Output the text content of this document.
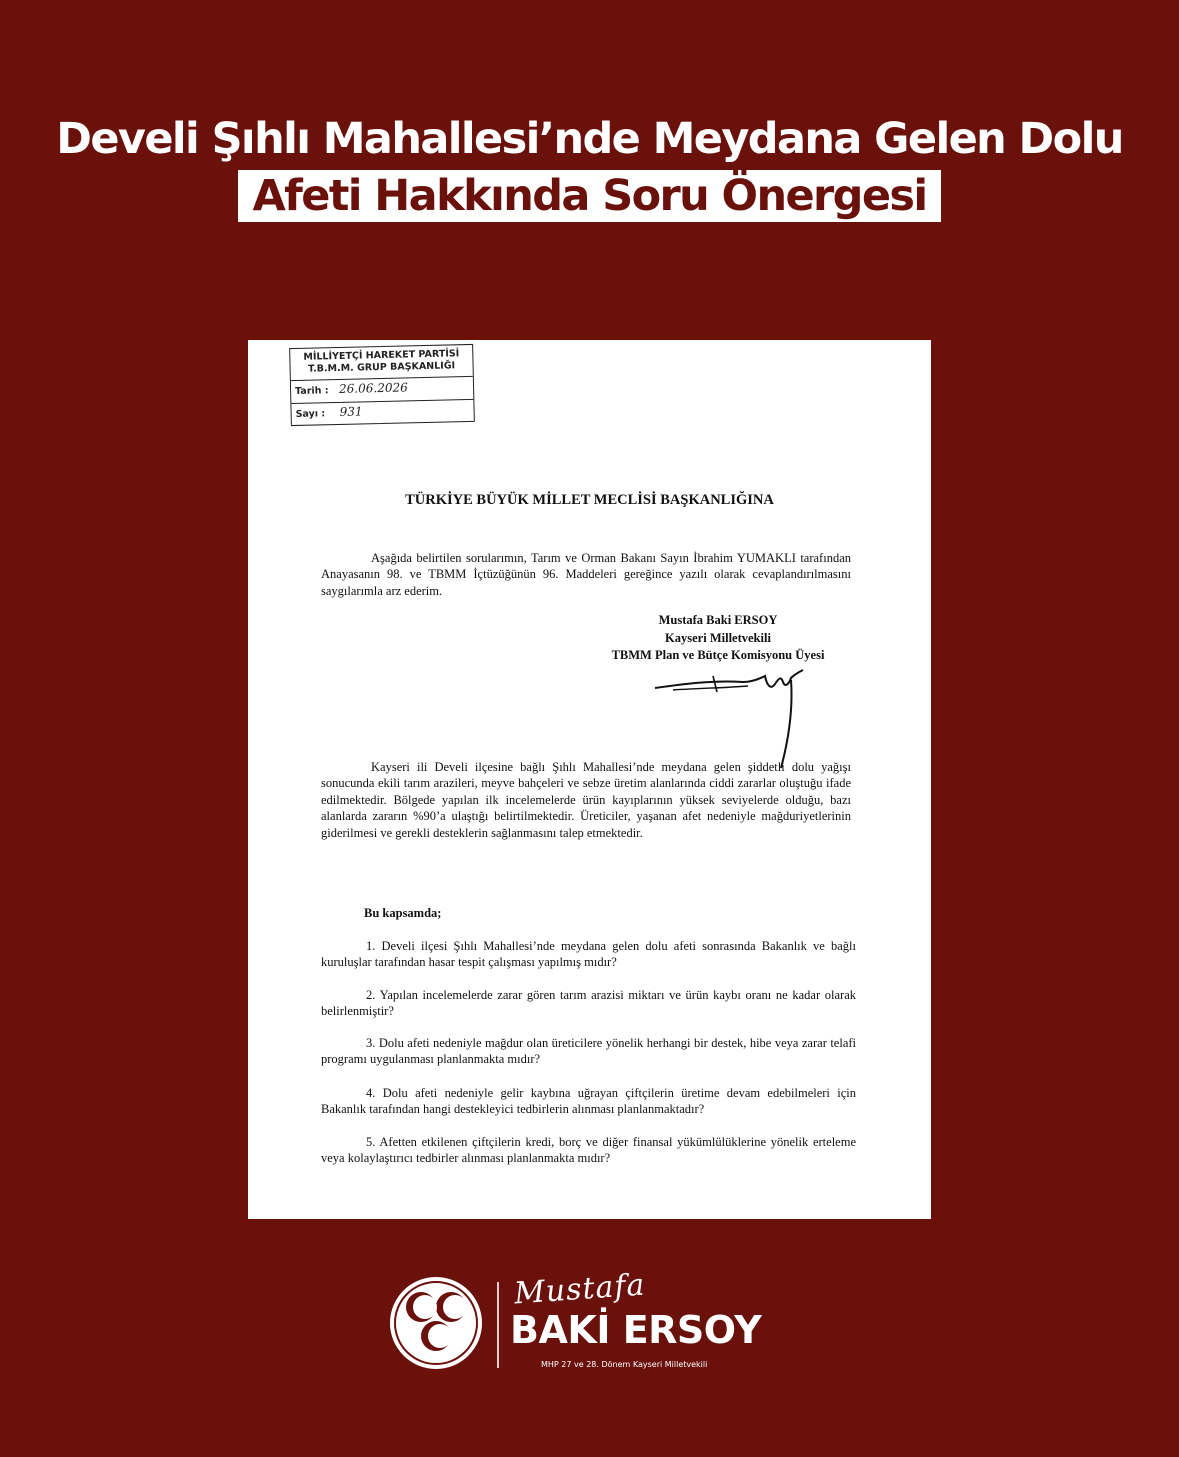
Develi Şıhlı Mahallesi’nde Meydana Gelen Dolu
Afeti Hakkında Soru Önergesi
MİLLİYETÇİ HAREKET PARTİSİ
T.B.M.M. GRUP BAŞKANLIĞI
Tarih : 26.06.2026
Sayı : 931
TÜRKİYE BÜYÜK MİLLET MECLİSİ BAŞKANLIĞINA
Aşağıda belirtilen sorularımın, Tarım ve Orman Bakanı Sayın İbrahim YUMAKLI tarafından Anayasanın 98. ve TBMM İçtüzüğünün 96. Maddeleri gereğince yazılı olarak cevaplandırılmasını saygılarımla arz ederim.
Mustafa Baki ERSOY
Kayseri Milletvekili
TBMM Plan ve Bütçe Komisyonu Üyesi
Kayseri ili Develi ilçesine bağlı Şıhlı Mahallesi’nde meydana gelen şiddetli dolu yağışı sonucunda ekili tarım arazileri, meyve bahçeleri ve sebze üretim alanlarında ciddi zararlar oluştuğu ifade edilmektedir. Bölgede yapılan ilk incelemelerde ürün kayıplarının yüksek seviyelerde olduğu, bazı alanlarda zararın %90’a ulaştığı belirtilmektedir. Üreticiler, yaşanan afet nedeniyle mağduriyetlerinin giderilmesi ve gerekli desteklerin sağlanmasını talep etmektedir.
Bu kapsamda;
1. Develi ilçesi Şıhlı Mahallesi’nde meydana gelen dolu afeti sonrasında Bakanlık ve bağlı kuruluşlar tarafından hasar tespit çalışması yapılmış mıdır?
2. Yapılan incelemelerde zarar gören tarım arazisi miktarı ve ürün kaybı oranı ne kadar olarak belirlenmiştir?
3. Dolu afeti nedeniyle mağdur olan üreticilere yönelik herhangi bir destek, hibe veya zarar telafi programı uygulanması planlanmakta mıdır?
4. Dolu afeti nedeniyle gelir kaybına uğrayan çiftçilerin üretime devam edebilmeleri için Bakanlık tarafından hangi destekleyici tedbirlerin alınması planlanmaktadır?
5. Afetten etkilenen çiftçilerin kredi, borç ve diğer finansal yükümlülüklerine yönelik erteleme veya kolaylaştırıcı tedbirler alınması planlanmakta mıdır?
Mustafa
BAKİ ERSOY
MHP 27 ve 28. Dönem Kayseri Milletvekili
